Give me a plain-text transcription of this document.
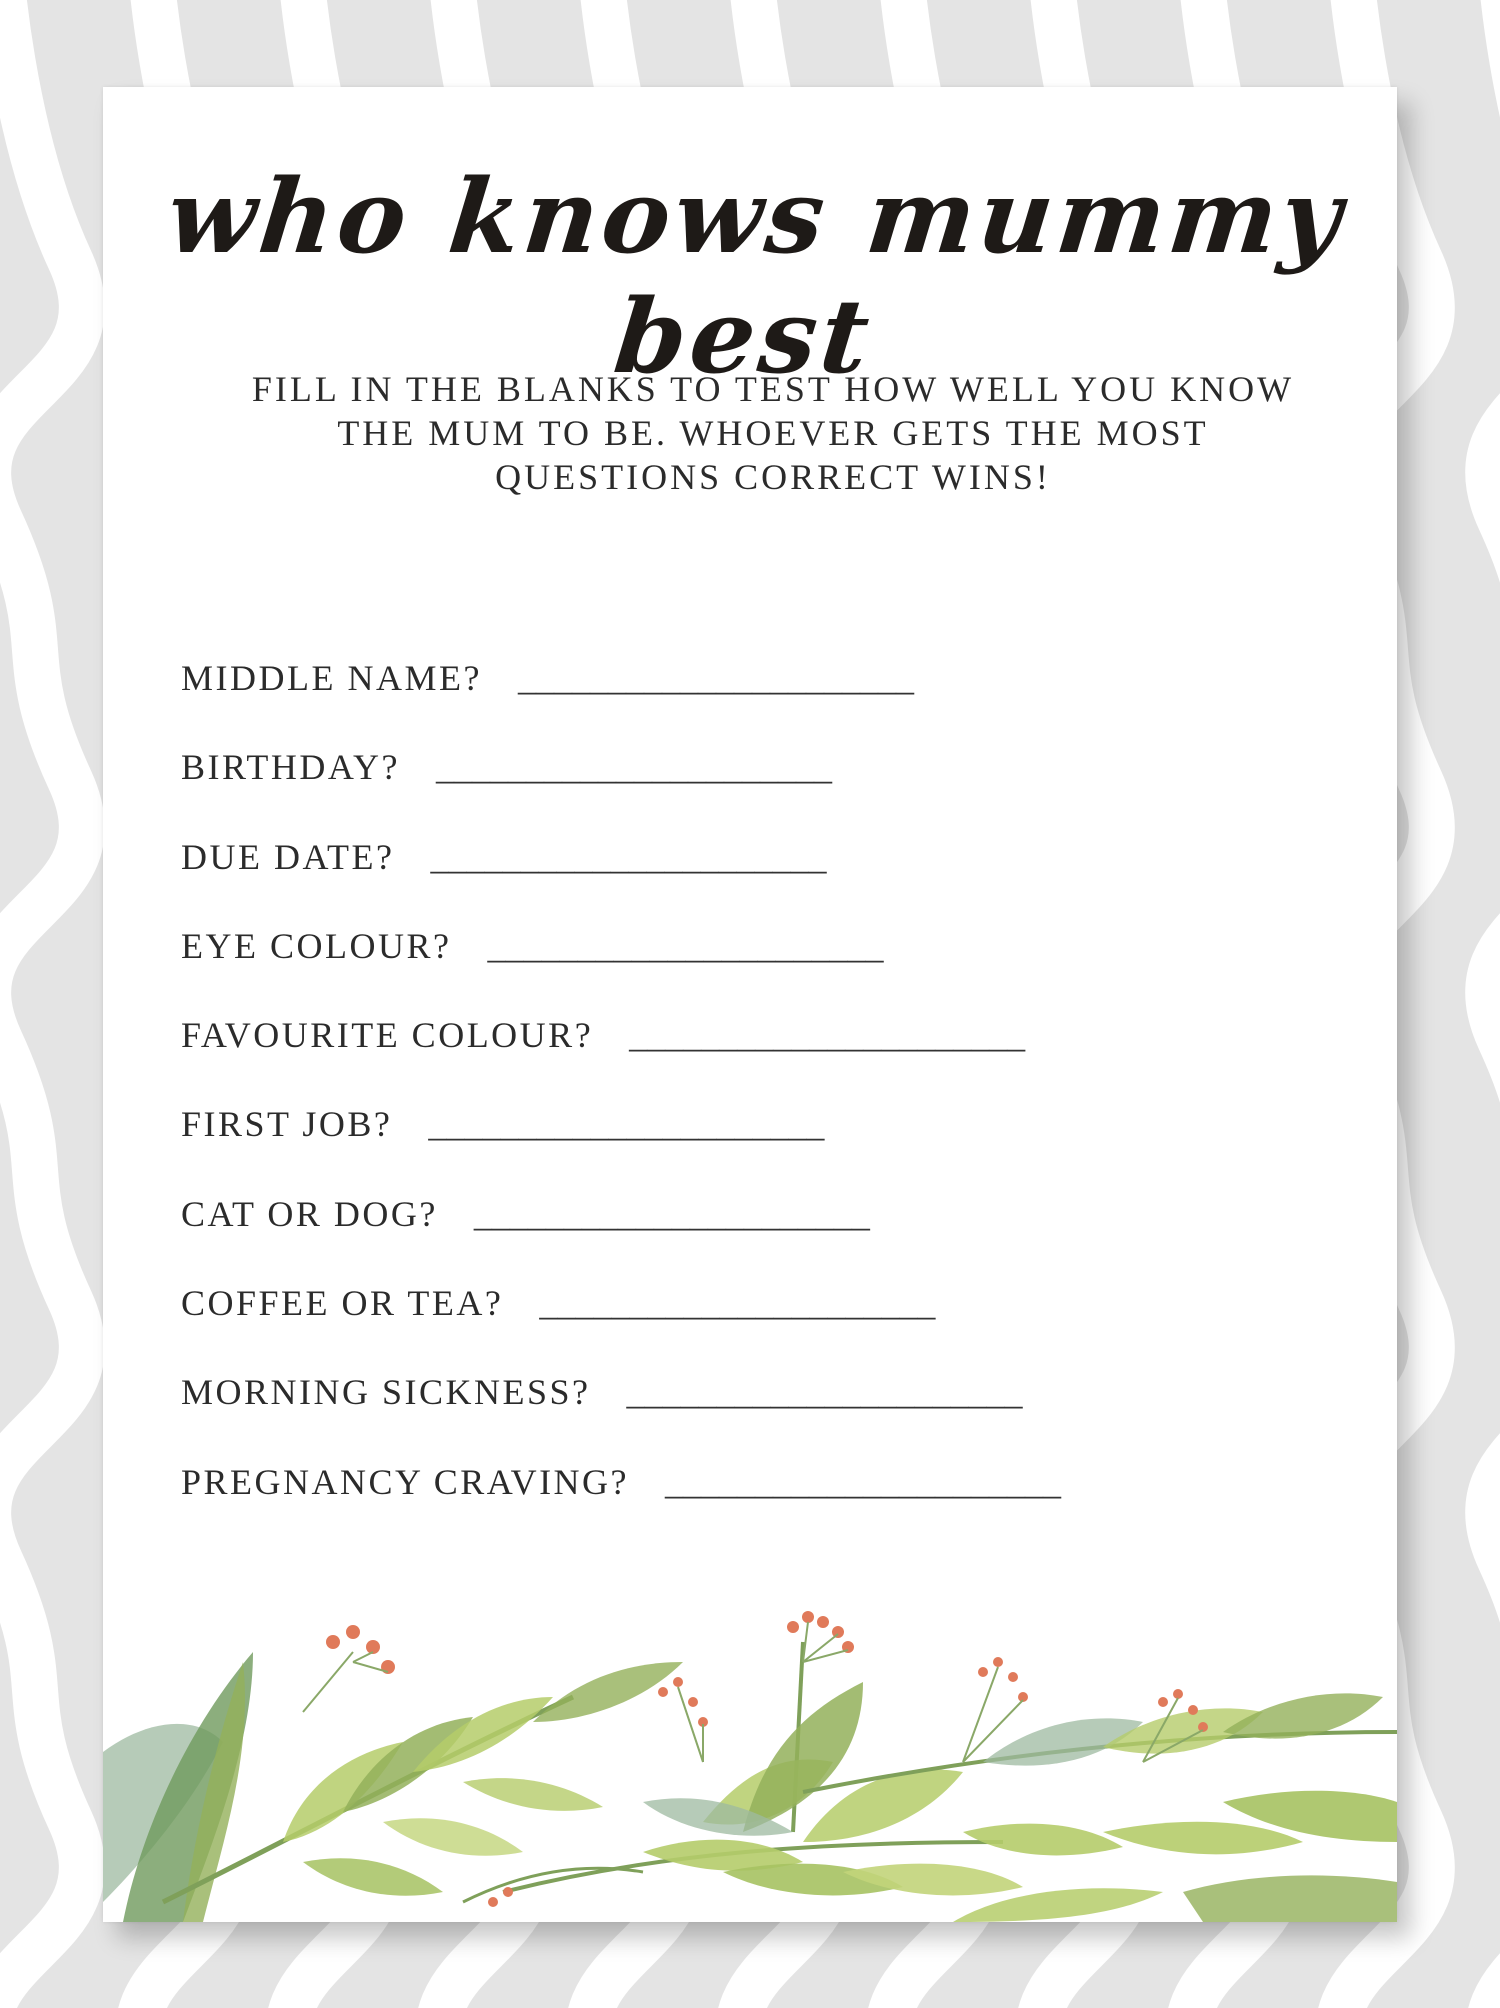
who knows mummy best

FILL IN THE BLANKS TO TEST HOW WELL YOU KNOW THE MUM TO BE. WHOEVER GETS THE MOST QUESTIONS CORRECT WINS!

MIDDLE NAME? ______________________
BIRTHDAY? ______________________
DUE DATE? ______________________
EYE COLOUR? ______________________
FAVOURITE COLOUR? ______________________
FIRST JOB? ______________________
CAT OR DOG? ______________________
COFFEE OR TEA? ______________________
MORNING SICKNESS? ______________________
PREGNANCY CRAVING? ______________________
